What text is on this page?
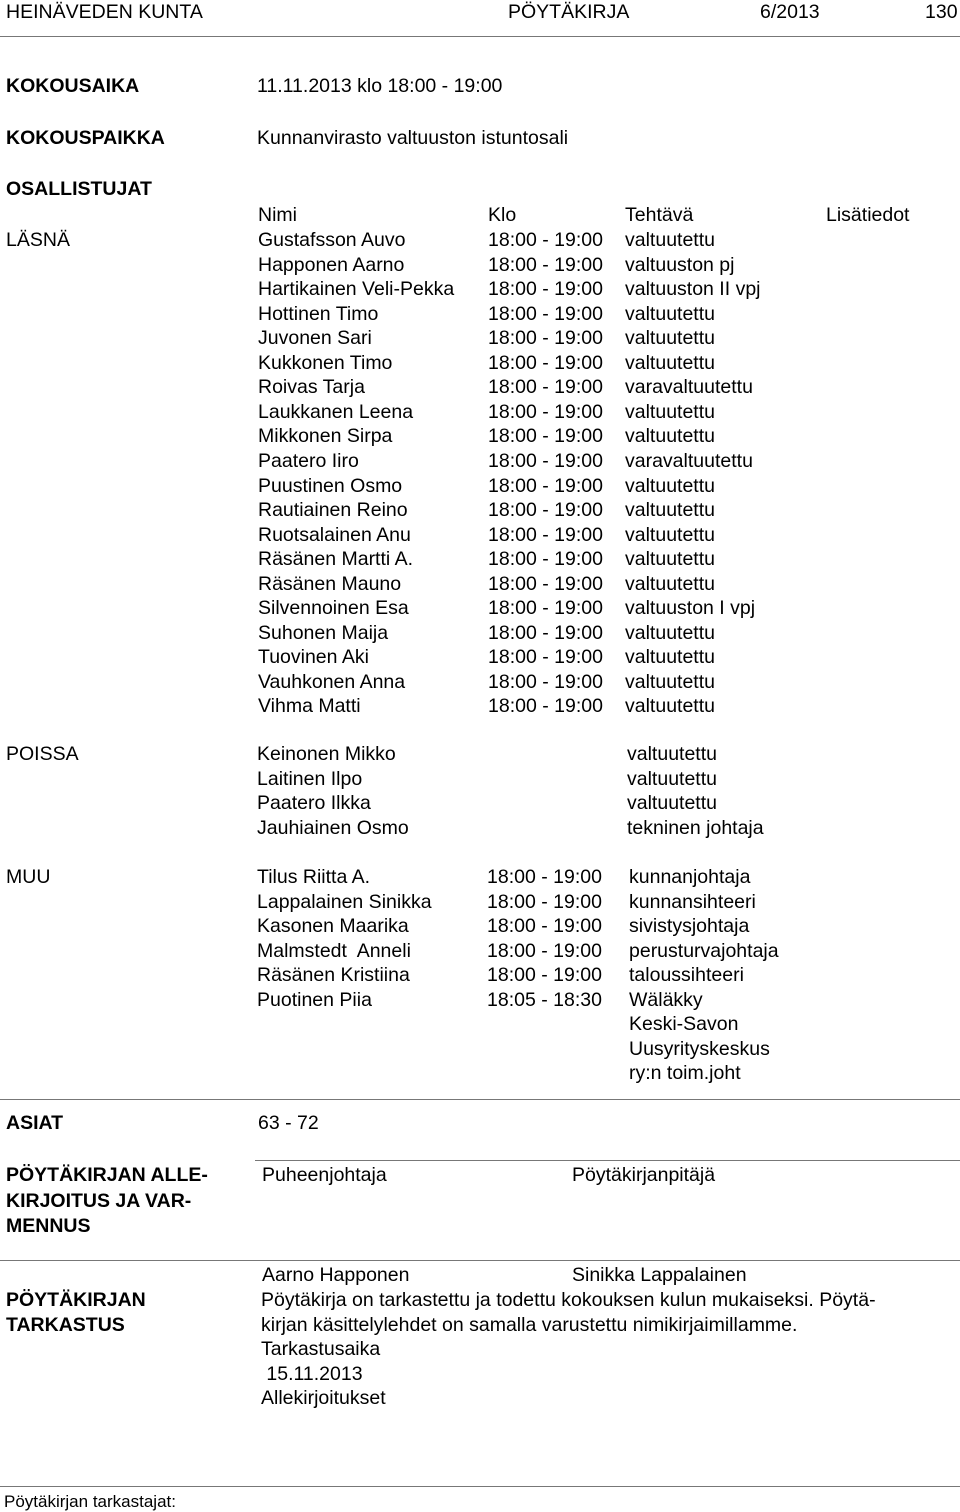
HEINÄVEDEN KUNTA	PÖYTÄKIRJA	6/2013	130
KOKOUSAIKA	11.11.2013 klo 18:00 - 19:00
KOKOUSPAIKKA	Kunnanvirasto valtuuston istuntosali
OSALLISTUJAT
Nimi	Klo	Tehtävä	Lisätiedot
LÄSNÄ	Gustafsson Auvo	18:00 - 19:00 valtuutettu
Happonen Aarno	18:00 - 19:00 valtuuston pj
Hartikainen Veli-Pekka 18:00 - 19:00 valtuuston II vpj
Hottinen Timo	18:00 - 19:00 valtuutettu
Juvonen Sari	18:00 - 19:00 valtuutettu
Kukkonen Timo	18:00 - 19:00 valtuutettu
Roivas Tarja	18:00 - 19:00 varavaltuutettu
Laukkanen Leena	18:00 - 19:00 valtuutettu
Mikkonen Sirpa	18:00 - 19:00 valtuutettu
Paatero Iiro	18:00 - 19:00 varavaltuutettu
Puustinen Osmo	18:00 - 19:00 valtuutettu
Rautiainen Reino	18:00 - 19:00 valtuutettu
Ruotsalainen Anu	18:00 - 19:00 valtuutettu
Räsänen Martti A.	18:00 - 19:00 valtuutettu
Räsänen Mauno	18:00 - 19:00 valtuutettu
Silvennoinen Esa	18:00 - 19:00 valtuuston I vpj
Suhonen Maija	18:00 - 19:00 valtuutettu
Tuovinen Aki	18:00 - 19:00 valtuutettu
Vauhkonen Anna	18:00 - 19:00 valtuutettu
Vihma Matti	18:00 - 19:00 valtuutettu
POISSA	Keinonen Mikko	valtuutettu
Laitinen Ilpo	valtuutettu
Paatero Ilkka	valtuutettu
Jauhiainen Osmo	tekninen johtaja
MUU	Tilus Riitta A.	18:00 - 19:00 kunnanjohtaja
Lappalainen Sinikka	18:00 - 19:00 kunnansihteeri
Kasonen Maarika	18:00 - 19:00 sivistysjohtaja
Malmstedt  Anneli	18:00 - 19:00 perusturvajohtaja
Räsänen Kristiina	18:00 - 19:00 taloussihteeri
Puotinen Piia	18:05 - 18:30 Wäläkky
Keski-Savon
Uusyrityskeskus
ry:n toim.joht
ASIAT	63 - 72
PÖYTÄKIRJAN ALLE-
KIRJOITUS JA VAR-
MENNUS
Puheenjohtaja	Pöytäkirjanpitäjä
Aarno Happonen	Sinikka Lappalainen
PÖYTÄKIRJAN
TARKASTUS
Pöytäkirja on tarkastettu ja todettu kokouksen kulun mukaiseksi. Pöytä-
kirjan käsittelylehdet on samalla varustettu nimikirjaimillamme.
Tarkastusaika
15.11.2013
Allekirjoitukset
Pöytäkirjan tarkastajat:
